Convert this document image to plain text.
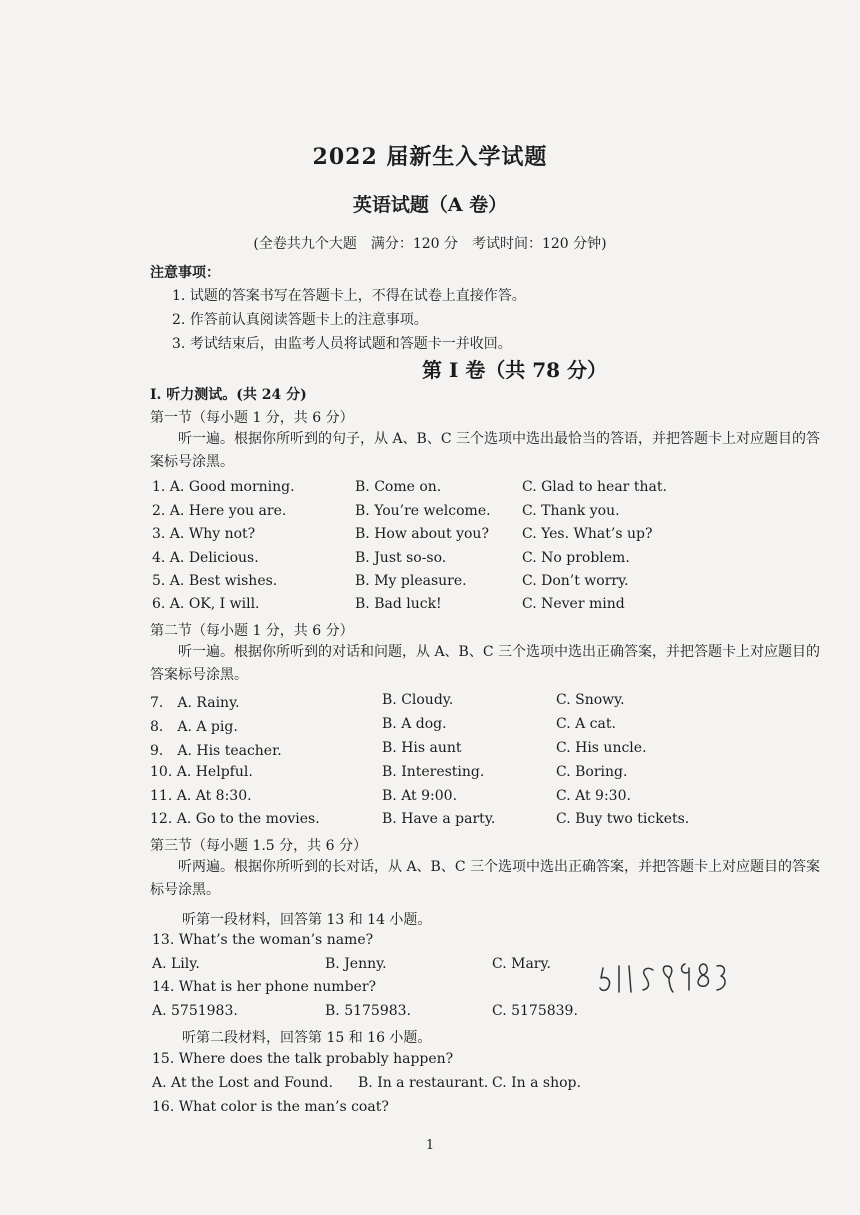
2022 届新生入学试题
英语试题（A 卷）
(全卷共九个大题　满分：120 分　考试时间：120 分钟)
注意事项：
1. 试题的答案书写在答题卡上，不得在试卷上直接作答。
2. 作答前认真阅读答题卡上的注意事项。
3. 考试结束后，由监考人员将试题和答题卡一并收回。
第 I 卷（共 78 分）
I. 听力测试。(共 24 分)
第一节（每小题 1 分，共 6 分）
听一遍。根据你所听到的句子，从 A、B、C 三个选项中选出最恰当的答语，并把答题卡上对应题目的答案标号涂黑。
1. A. Good morning.	B. Come on.	C. Glad to hear that.
2. A. Here you are.	B. You’re welcome. C. Thank you.
3. A. Why not?	B. How about you? C. Yes. What’s up?
4. A. Delicious.	B. Just so-so.	C. No problem.
5. A. Best wishes.	B. My pleasure.	C. Don’t worry.
6. A. OK, I will.	B. Bad luck!	C. Never mind
第二节（每小题 1 分，共 6 分）
听一遍。根据你所听到的对话和问题，从 A、B、C 三个选项中选出正确答案，并把答题卡上对应题目的答案标号涂黑。
7.　A. Rainy.	B. Cloudy.	C. Snowy.
8.　A. A pig.	B. A dog.	C. A cat.
9.　A. His teacher.	B. His aunt	C. His uncle.
10. A. Helpful.	B. Interesting.	C. Boring.
11. A. At 8:30.	B. At 9:00.	C. At 9:30.
12. A. Go to the movies.	B. Have a party.	C. Buy two tickets.
第三节（每小题 1.5 分，共 6 分）
听两遍。根据你所听到的长对话，从 A、B、C 三个选项中选出正确答案，并把答题卡上对应题目的答案标号涂黑。
听第一段材料，回答第 13 和 14 小题。
13. What’s the woman’s name?
A. Lily.	B. Jenny.	C. Mary.
14. What is her phone number?
A. 5751983.	B. 5175983.	C. 5175839.
听第二段材料，回答第 15 和 16 小题。
15. Where does the talk probably happen?
A. At the Lost and Found. B. In a restaurant. C. In a shop.
16. What color is the man’s coat?
1
